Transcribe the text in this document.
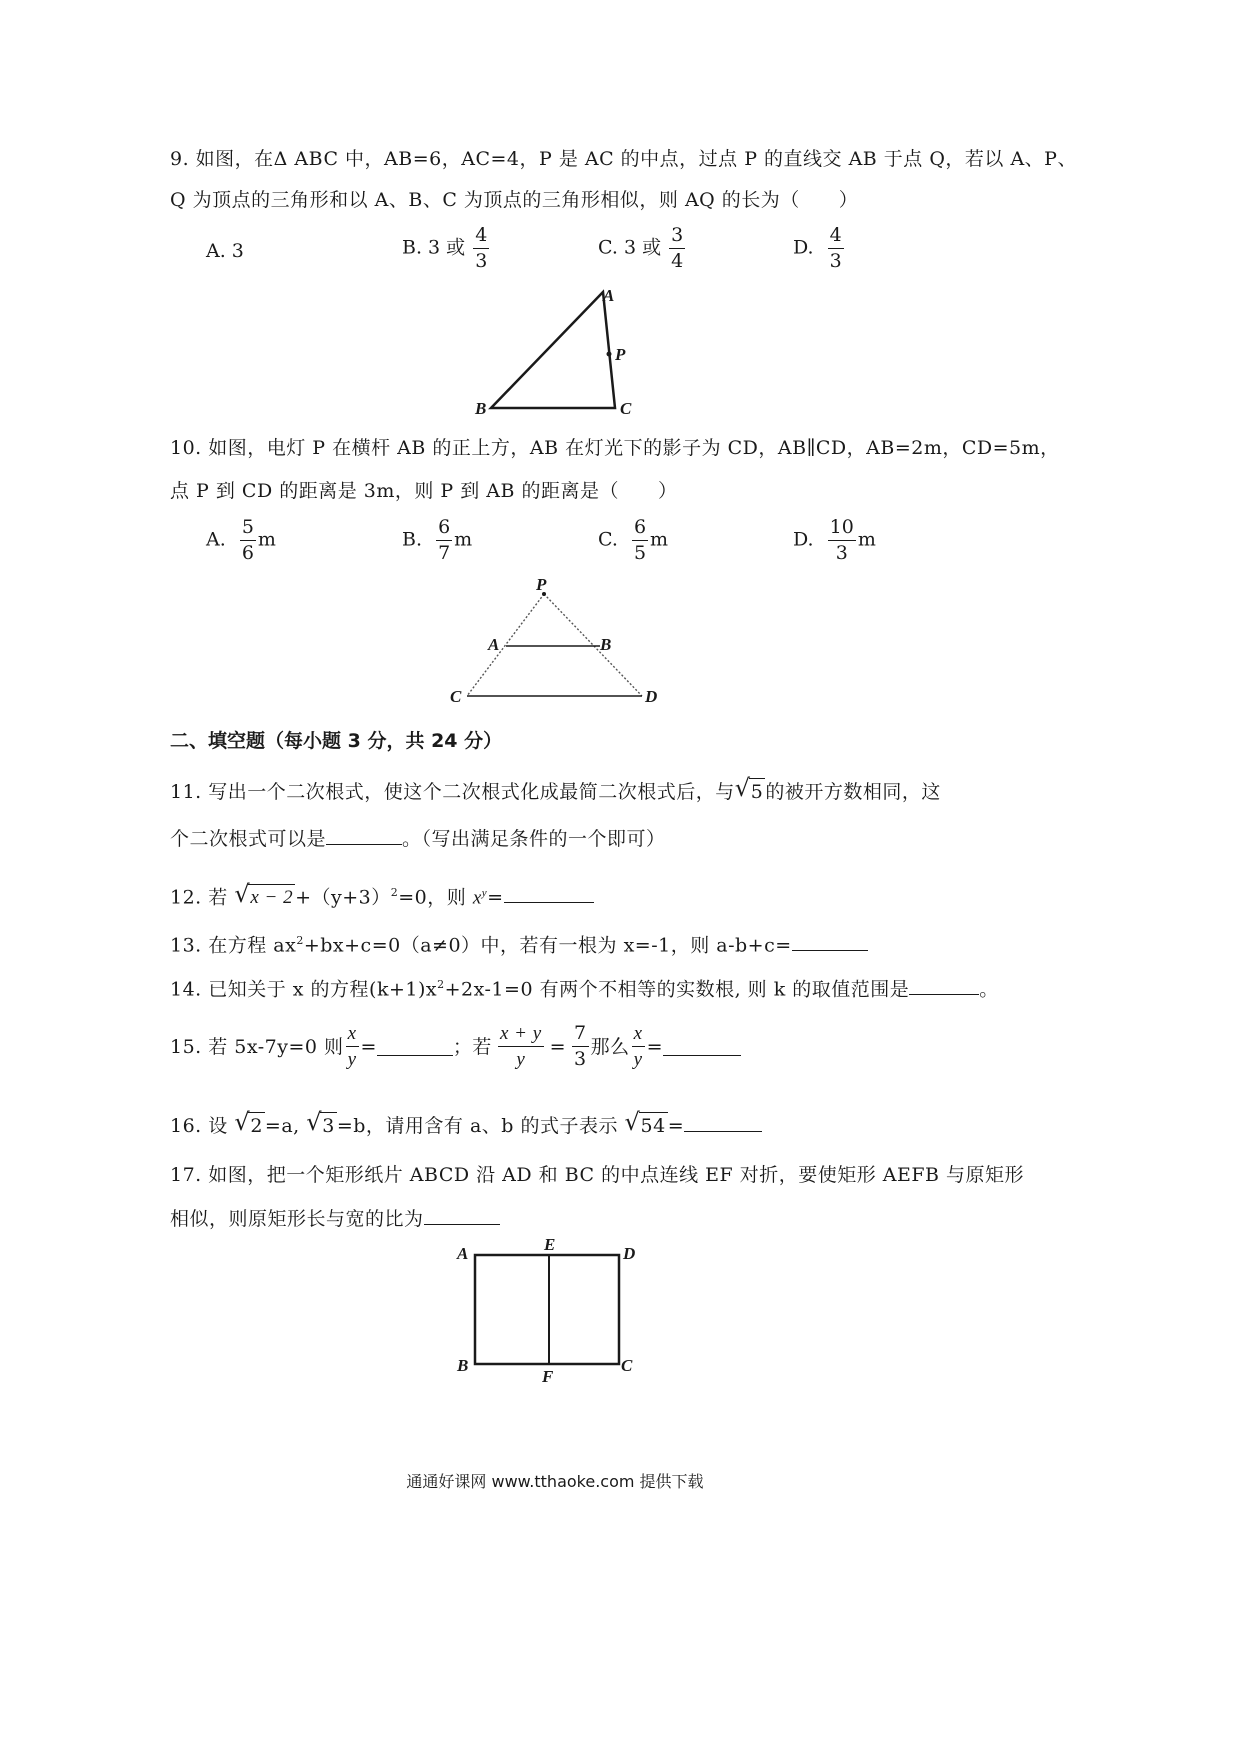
9. 如图，在Δ ABC 中，AB=6，AC=4，P 是 AC 的中点，过点 P 的直线交 AB 于点 Q，若以 A、P、
Q 为顶点的三角形和以 A、B、C 为顶点的三角形相似，则 AQ 的长为（　　）
A. 3	B. 3 或 $\frac{4}{3}$	C. 3 或 $\frac{3}{4}$	D. $\frac{4}{3}$
A
P
B	C
10. 如图，电灯 P 在横杆 AB 的正上方，AB 在灯光下的影子为 CD，AB∥CD，AB=2m，CD=5m，
点 P 到 CD 的距离是 3m，则 P 到 AB 的距离是（　　）
A. $\frac{5}{6}$ m	B. $\frac{6}{7}$ m	C. $\frac{6}{5}$ m	D. $\frac{10}{3}$ m
P
A	B
C	D
二、填空题（每小题 3 分，共 24 分）
11. 写出一个二次根式，使这个二次根式化成最简二次根式后，与 √ 5 的被开方数相同，这
个二次根式可以是	。（写出满足条件的一个即可）
12. 若 √ $x - 2 +(y+3)^2=0$，则 $x^y=$
13. 在方程 $ax^2+bx+c=0(a\ne 0)$中，若有一根为 x=-1，则 a-b+c=
14. 已知关于 x 的方程$(k+1)x^2+2x-1=0$ 有两个不相等的实数根, 则 k 的取值范围是	。
15. 若 5x-7y=0 则 $\frac{x}{y}$ =	；若 $\frac{x + y}{y} = \frac{7}{3}$ 那么 $\frac{x}{y}$ =
16. 设 √ 2 =a, √ 3 =b，请用含有 a、b 的式子表示 √ 54 =
17. 如图，把一个矩形纸片 ABCD 沿 AD 和 BC 的中点连线 EF 对折，要使矩形 AEFB 与原矩形
相似，则原矩形长与宽的比为
A	E	D
B
F
C
通通好课网 www.tthaoke.com 提供下载
